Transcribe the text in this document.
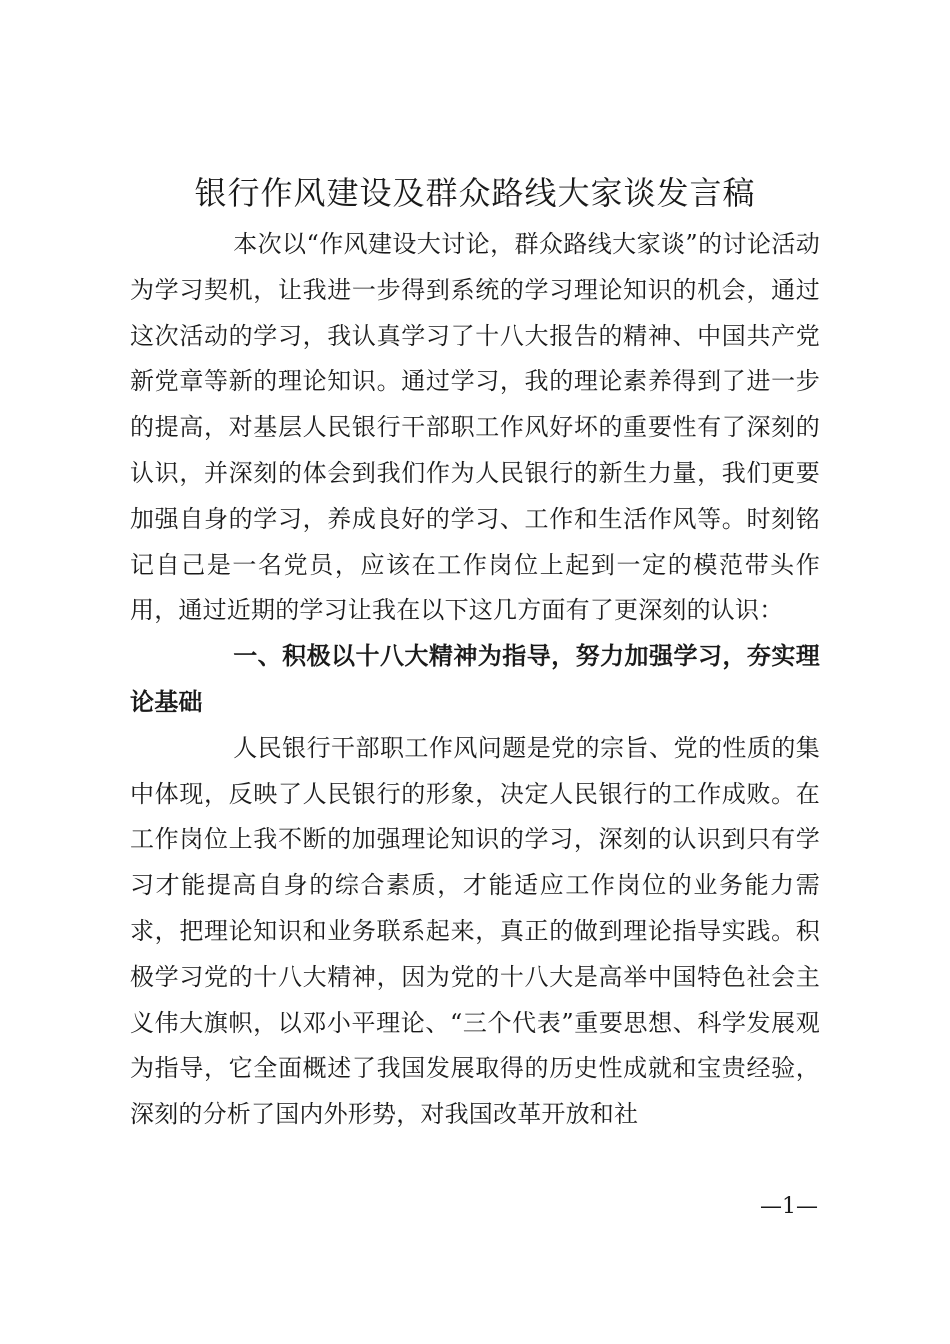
银行作风建设及群众路线大家谈发言稿

本次以“作风建设大讨论，群众路线大家谈”的讨论活动为学习契机，让我进一步得到系统的学习理论知识的机会，通过这次活动的学习，我认真学习了十八大报告的精神、中国共产党新党章等新的理论知识。通过学习，我的理论素养得到了进一步的提高，对基层人民银行干部职工作风好坏的重要性有了深刻的认识，并深刻的体会到我们作为人民银行的新生力量，我们更要加强自身的学习，养成良好的学习、工作和生活作风等。时刻铭记自己是一名党员，应该在工作岗位上起到一定的模范带头作用，通过近期的学习让我在以下这几方面有了更深刻的认识：

一、积极以十八大精神为指导，努力加强学习，夯实理论基础

人民银行干部职工作风问题是党的宗旨、党的性质的集中体现，反映了人民银行的形象，决定人民银行的工作成败。在工作岗位上我不断的加强理论知识的学习，深刻的认识到只有学习才能提高自身的综合素质，才能适应工作岗位的业务能力需求，把理论知识和业务联系起来，真正的做到理论指导实践。积极学习党的十八大精神，因为党的十八大是高举中国特色社会主义伟大旗帜，以邓小平理论、“三个代表”重要思想、科学发展观为指导，它全面概述了我国发展取得的历史性成就和宝贵经验，深刻的分析了国内外形势，对我国改革开放和社

—1—
